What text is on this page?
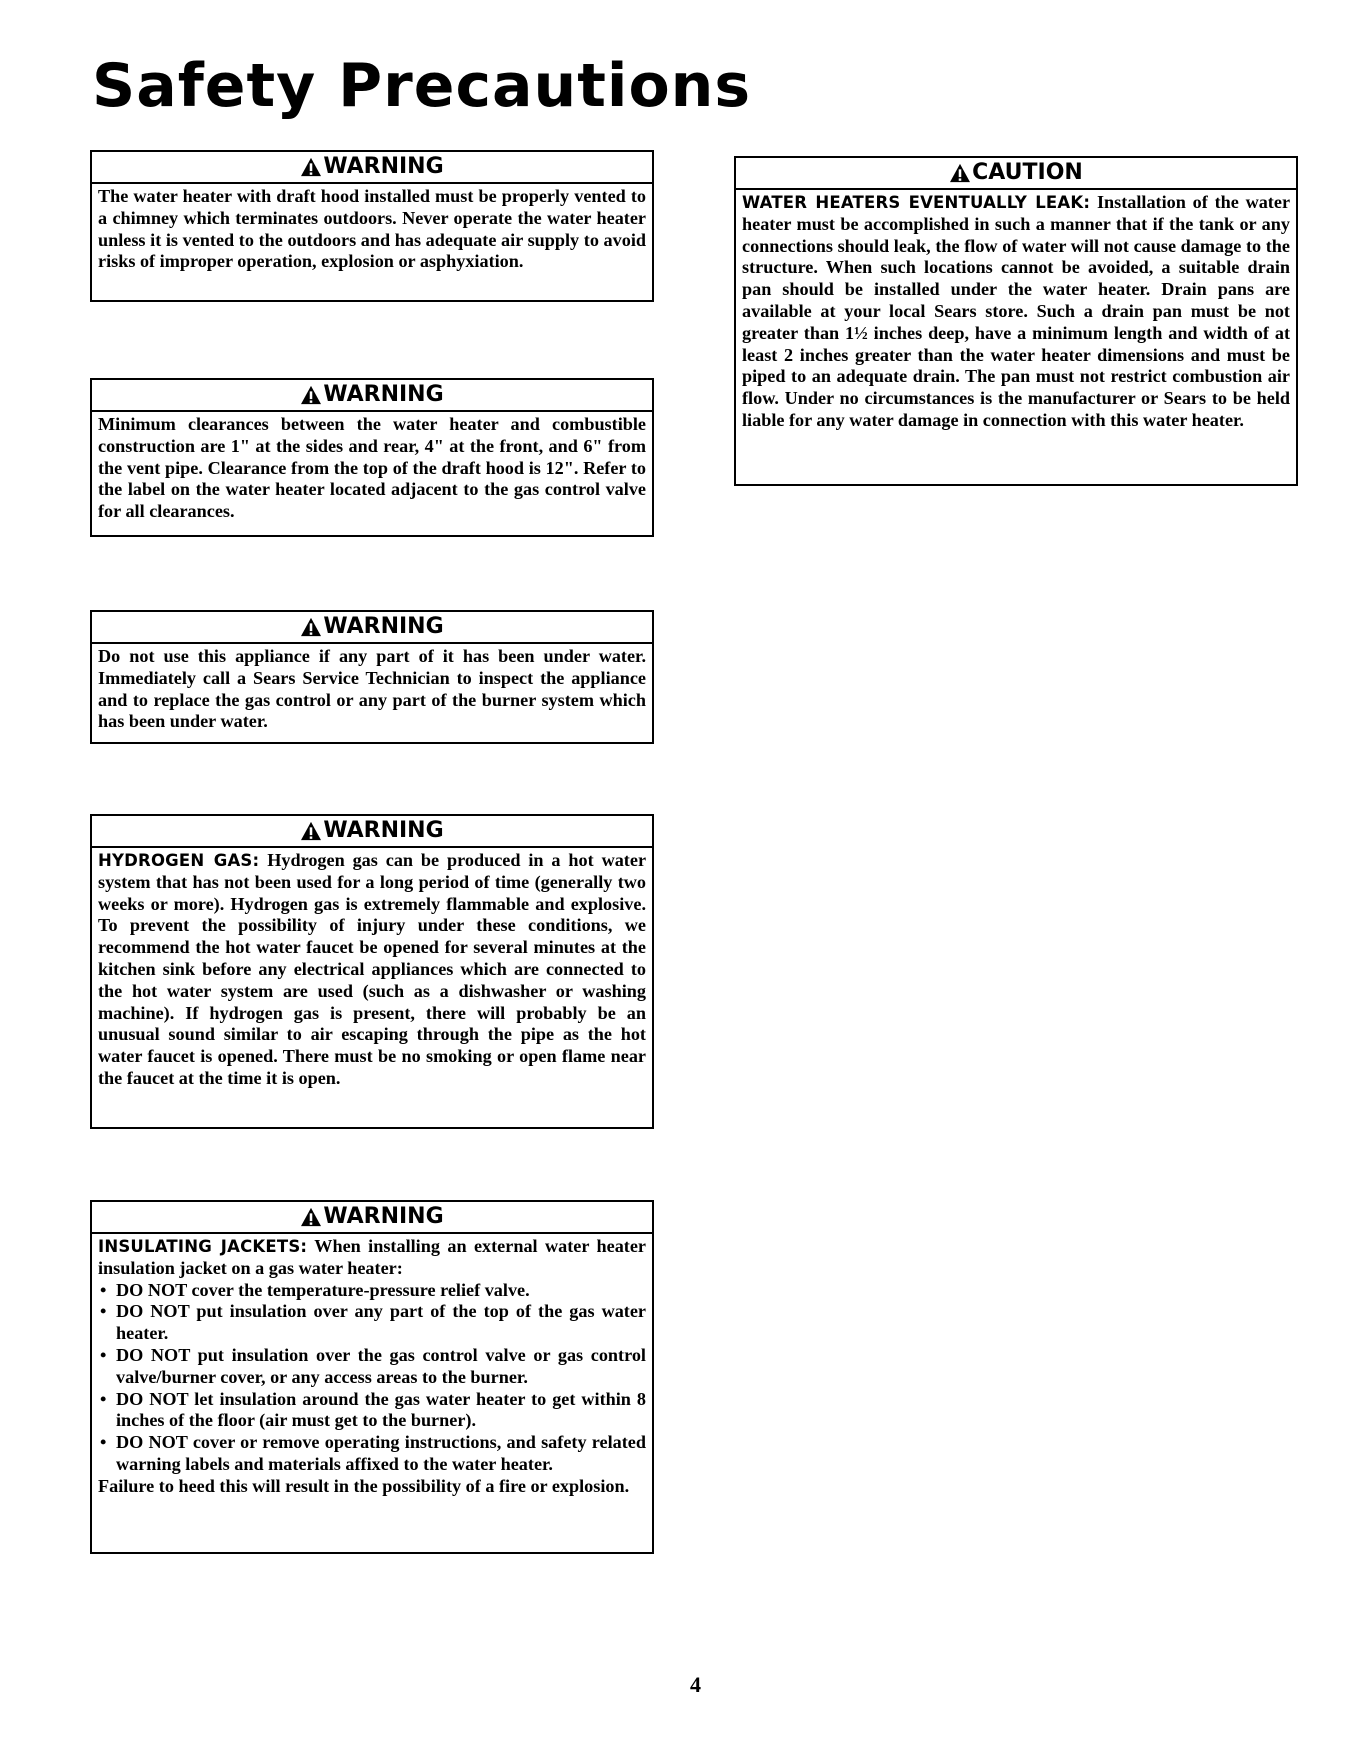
Safety Precautions
WARNING

The water heater with draft hood installed must be properly vented to a chimney which terminates outdoors. Never operate the water heater unless it is vented to the outdoors and has adequate air supply to avoid risks of improper operation, explosion or asphyxiation.

WARNING

Minimum clearances between the water heater and combustible construction are 1" at the sides and rear, 4" at the front, and 6" from the vent pipe. Clearance from the top of the draft hood is 12". Refer to the label on the water heater located adjacent to the gas control valve for all clearances.

WARNING

Do not use this appliance if any part of it has been under water. Immediately call a Sears Service Technician to inspect the appliance and to replace the gas control or any part of the burner system which has been under water.

WARNING

HYDROGEN GAS: Hydrogen gas can be produced in a hot water system that has not been used for a long period of time (generally two weeks or more). Hydrogen gas is extremely flammable and explosive. To prevent the possibility of injury under these conditions, we recommend the hot water faucet be opened for several minutes at the kitchen sink before any electrical appliances which are connected to the hot water system are used (such as a dishwasher or washing machine). If hydrogen gas is present, there will probably be an unusual sound similar to air escaping through the pipe as the hot water faucet is opened. There must be no smoking or open flame near the faucet at the time it is open.

WARNING

INSULATING JACKETS: When installing an external water heater insulation jacket on a gas water heater:

• DO NOT cover the temperature-pressure relief valve.
• DO NOT put insulation over any part of the top of the gas water heater.
• DO NOT put insulation over the gas control valve or gas control valve/burner cover, or any access areas to the burner.
• DO NOT let insulation around the gas water heater to get within 8 inches of the floor (air must get to the burner).
• DO NOT cover or remove operating instructions, and safety related warning labels and materials affixed to the water heater.

Failure to heed this will result in the possibility of a fire or explosion.

CAUTION

WATER HEATERS EVENTUALLY LEAK: Installation of the water heater must be accomplished in such a manner that if the tank or any connections should leak, the flow of water will not cause damage to the structure. When such locations cannot be avoided, a suitable drain pan should be installed under the water heater. Drain pans are available at your local Sears store. Such a drain pan must be not greater than 1½ inches deep, have a minimum length and width of at least 2 inches greater than the water heater dimensions and must be piped to an adequate drain. The pan must not restrict combustion air flow. Under no circumstances is the manufacturer or Sears to be held liable for any water damage in connection with this water heater.

4
